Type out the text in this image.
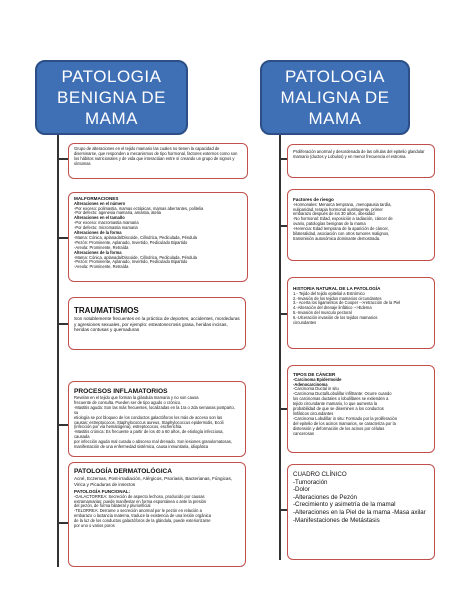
PATOLOGIA
BENIGNA DE
MAMA
PATOLOGIA
MALIGNA DE
MAMA
Grupo de alteraciones en el tejido mamario las cuales no tienen la capacidad de diseminarse, que responden a mecanismos de tipo hormonal, factores externos como son los hábitos nutricionales y de vida que interactúan entre sí creando un grupo de signos y síntomas
MALFORMACIONES
Alteraciones en el número
-Por exceso: polimastia, mamas ectópicas, mamas aberrantes, politelia
-Por defecto: agenesia mamaria, amastia, atelia
Alteraciones en el tamaño
-Por exceso: macromastia mamaria
-Por defecto: micromastia mamaria
Alteraciones de la forma
-Mama: Cónica, aplanada/Discoide, Cilíndrica, Pediculada, Péndula
-Pezón: Prominente, Aplanado, Invertido, Pediculado Bipartido
-Areola: Prominente, Retraída
Alteraciones de la forma
-Mama: Cónica, aplanada/Discoide, Cilíndrica, Pediculada, Péndula
-Pezón: Prominente, Aplanado, Invertido, Pediculado Bipartido
-Areola: Prominente, Retraída
TRAUMATISMOS
Son notablemente frecuentes en la práctica de deportes, accidentes, mordeduras y agresiones sexuales, por ejemplo: esteatonecrosis grasa, heridas incisas, heridas contusas y quemaduras
PROCESOS INFLAMATORIOS
Revelan en el tejido que forman la glándula mamaria y no son causa
frecuente de consulta. Pueden ser de tipo agudo o crónico.
-Mastitis aguda: Son las más frecuentes, localizadas en la 1ra o 2da semanas postparto, su
etiología se por bloqueo de los conductos galactóforos los más de acceso son las
causas: estreptococos, Staphylococcus aureus, Staphylococcus epidermidis, Ecoli
(infección por vía hematógena), estreptococos, escherichia.
-Mastitis crónica: Es frecuente a partir de los 40 a 60 años, de etiología infecciosa, causada
por infección aguda mal curada o absceso mal drenado. Son lesiones granulomatosas,
manifestación de una enfermedad sistémica, causa inmunitaria, idiopática
PATOLOGÍA DERMATOLÓGICA
Acné, Eczemas, Post-irradiación, Alérgicos, Psoriasis, Bacterianas, Fúngicas, Virica y Picaduras de insectos
PATOLOGÍA FUNCIONAL:
-GALACTORREA: Secreción de aspecto lechoso, producido por causas
extramamarias; puede manifestar en forma espontánea o ante la presión
del pezón, de forma bilateral y pluriorificial
-TELORREA: Derrame o secreción anormal por le pezón en relación a
embarazo o lactancia materna, traduce la existencia de una lesión orgánica
de la luz de los conductos galactóforos de la glándula, puede exteriorizarse
por uno o varios poros
Proliferación anormal y desordenada de las células del epitelio glandular mamario (ductos y Lobulos) y en menor frecuencia el estroma.
Factores de riesgo
-Hormonales: Menarca temprana, ,menopausia tardía,
nuliparidad, terapia hormonal sustituyente, primer
embarazo después de los 30 años, obesidad
-No hormonal: Edad, exposición a radiación, cáncer de
ovario, patologías benignas de la mama
-Herencia: Edad temprana de la aparición de cáncer,
bilateralidad, asociación con otros tumores malignos,
transmisión autosómica dominante demostrada.
HISTORIA NATURAL DE LA PATOLOGÍA
1.- Tejido del tejido epitelial a Estrómico
2.-Invasión de los tejidos mamarios circundantes
3.- Acerta los ligamentos de Cooper -->retracción de la Piel
4.-Alteración del drenaje linfático -->Edema
5.-Invasión del musculo pectoral
6.-Ulceración invasión de los tejidos mamarios
circundantes
TIPOS DE CÁNCER
-Carcinoma Epidermoide
-Adenocarcinoma
-Carcinoma Ductal in situ
-Carcinoma Ductal/Lobulillar infiltrante: Ocurre cuando
los carcinomas ductales o lobulillares se extienden a
tejido circundante mamario, lo que aumenta la
probabilidad de que se diseminen a los conductos
linfáticos circundantes
-Carcinoma Lobulillar in situ: Formado por la proliferación
del epitelio de los acinos mamarios, se caracteriza por la
distensión y deformación de los acinos por células
cancerosas
CUADRO CLÍNICO
-Tumoración
-Dolor
-Alteraciones de Pezón
-Crecimiento y asimetría de la mamal
-Alteraciones en la Piel de la mama -Masa axilar
-Manifestaciones de Metástasis
